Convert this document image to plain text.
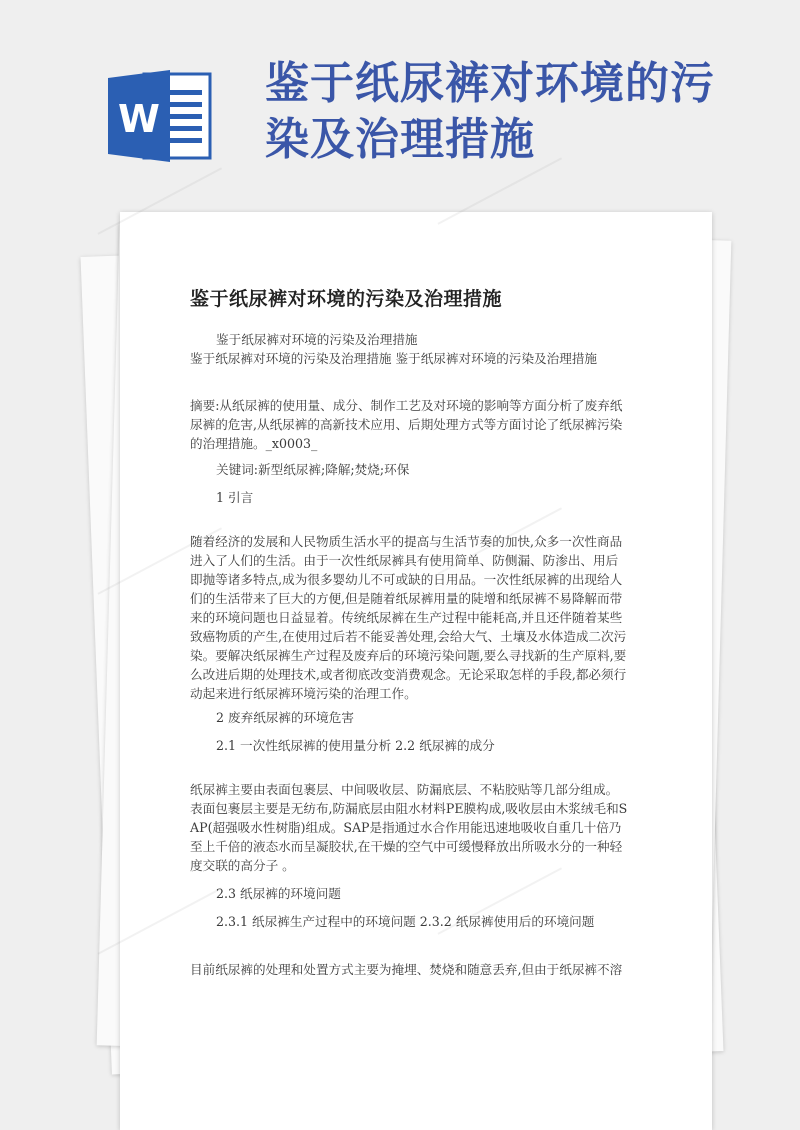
W
鉴于纸尿裤对环境的污
染及治理措施
鉴于纸尿裤对环境的污染及治理措施
鉴于纸尿裤对环境的污染及治理措施
鉴于纸尿裤对环境的污染及治理措施 鉴于纸尿裤对环境的污染及治理措施
摘要:从纸尿裤的使用量、成分、制作工艺及对环境的影响等方面分析了废弃纸
尿裤的危害,从纸尿裤的高新技术应用、后期处理方式等方面讨论了纸尿裤污染
的治理措施。_x0003_
关键词:新型纸尿裤;降解;焚烧;环保
1 引言
随着经济的发展和人民物质生活水平的提高与生活节奏的加快,众多一次性商品
进入了人们的生活。由于一次性纸尿裤具有使用简单、防侧漏、防渗出、用后
即抛等诸多特点,成为很多婴幼儿不可或缺的日用品。一次性纸尿裤的出现给人
们的生活带来了巨大的方便,但是随着纸尿裤用量的陡增和纸尿裤不易降解而带
来的环境问题也日益显着。传统纸尿裤在生产过程中能耗高,并且还伴随着某些
致癌物质的产生,在使用过后若不能妥善处理,会给大气、土壤及水体造成二次污
染。要解决纸尿裤生产过程及废弃后的环境污染问题,要么寻找新的生产原料,要
么改进后期的处理技术,或者彻底改变消费观念。无论采取怎样的手段,都必须行
动起来进行纸尿裤环境污染的治理工作。
2 废弃纸尿裤的环境危害
2.1 一次性纸尿裤的使用量分析 2.2 纸尿裤的成分
纸尿裤主要由表面包裹层、中间吸收层、防漏底层、不粘胶贴等几部分组成。
表面包裹层主要是无纺布,防漏底层由阻水材料PE膜构成,吸收层由木浆绒毛和S
AP(超强吸水性树脂)组成。SAP是指通过水合作用能迅速地吸收自重几十倍乃
至上千倍的液态水而呈凝胶状,在干燥的空气中可缓慢释放出所吸水分的一种轻
度交联的高分子 。
2.3 纸尿裤的环境问题
2.3.1 纸尿裤生产过程中的环境问题 2.3.2 纸尿裤使用后的环境问题
目前纸尿裤的处理和处置方式主要为掩埋、焚烧和随意丢弃,但由于纸尿裤不溶
